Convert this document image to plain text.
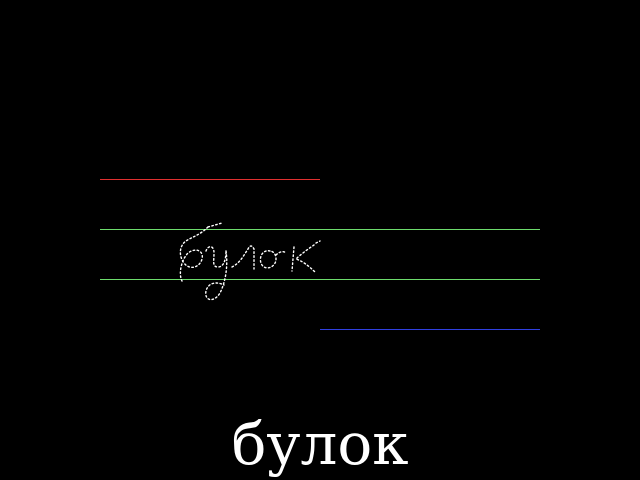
булок
